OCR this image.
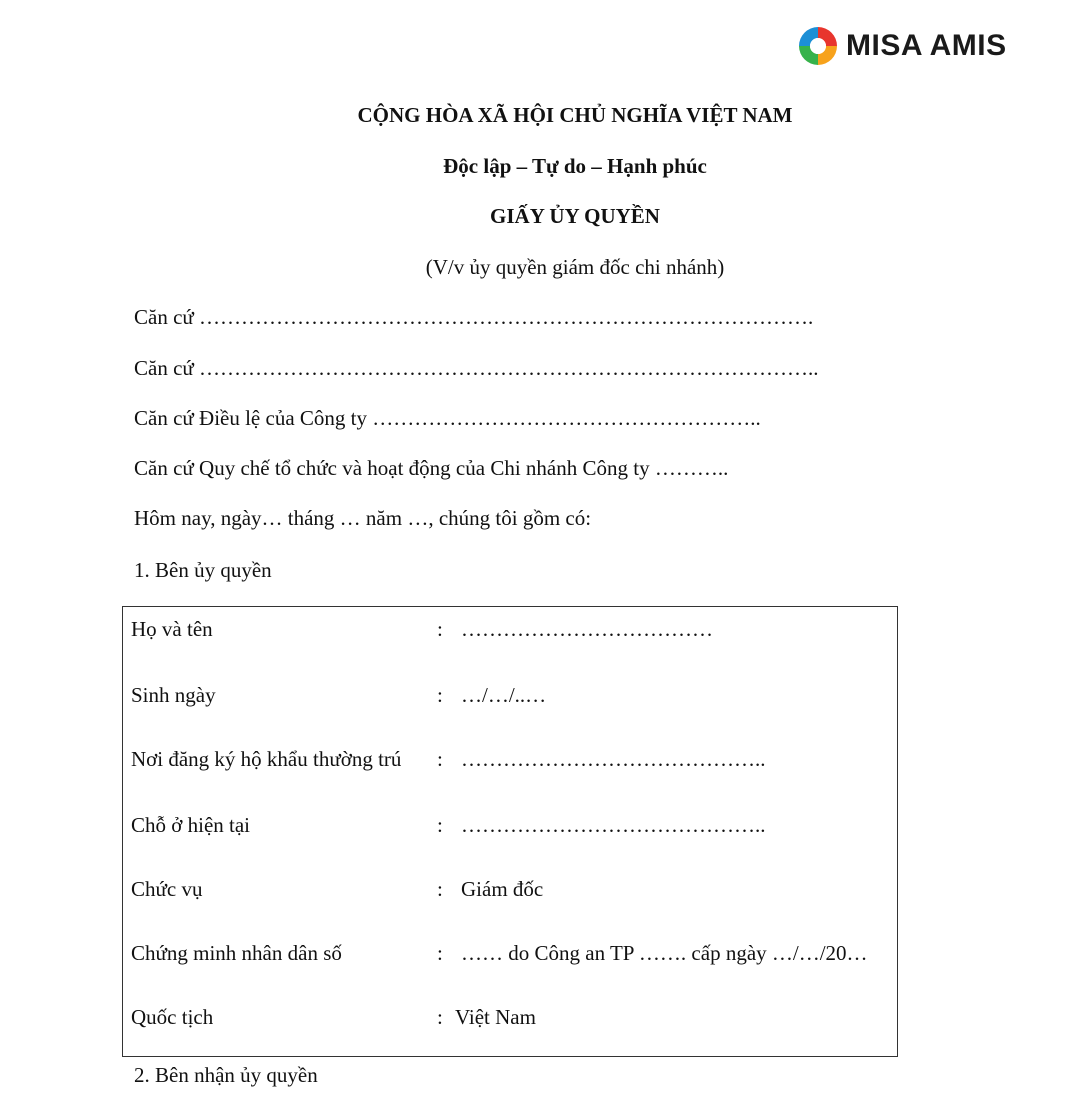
MISA AMIS
CỘNG HÒA XÃ HỘI CHỦ NGHĨA VIỆT NAM
Độc lập – Tự do – Hạnh phúc
GIẤY ỦY QUYỀN
(V/v ủy quyền giám đốc chi nhánh)
Căn cứ …………………………………………………………………………….
Căn cứ ……………………………………………………………………………..
Căn cứ Điều lệ của Công ty ………………………………………………..
Căn cứ Quy chế tổ chức và hoạt động của Chi nhánh Công ty ………..
Hôm nay, ngày… tháng … năm …, chúng tôi gồm có:
1. Bên ủy quyền
Họ và tên	: ………………………………
Sinh ngày	: …/…/..…
Nơi đăng ký hộ khẩu thường trú : ……………………………………..
Chỗ ở hiện tại	: ……………………………………..
Chức vụ	: Giám đốc
Chứng minh nhân dân số	: …… do Công an TP ……. cấp ngày …/…/20…
Quốc tịch	: Việt Nam
2. Bên nhận ủy quyền
